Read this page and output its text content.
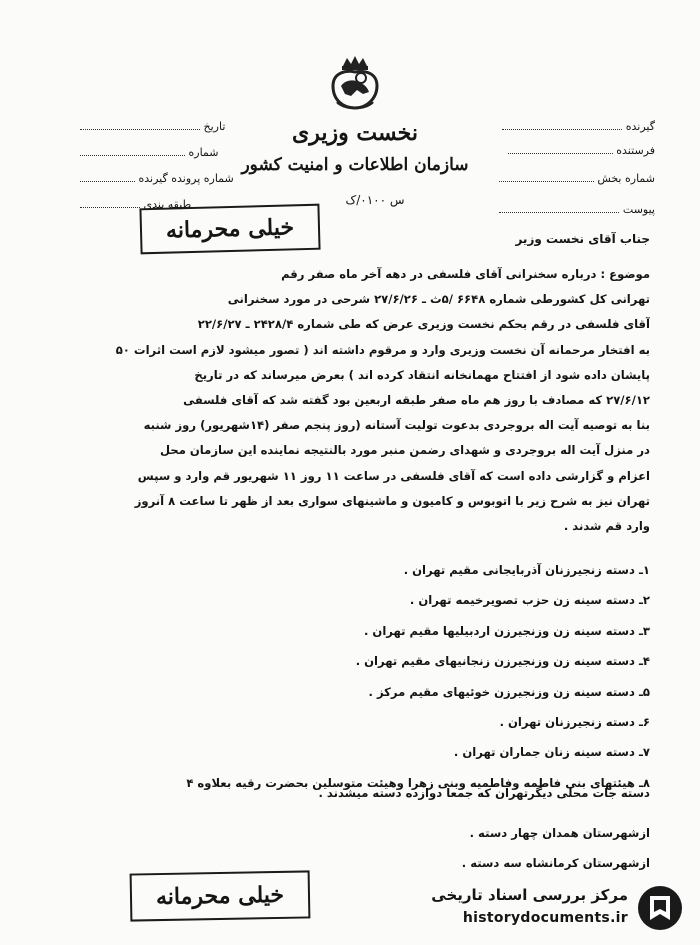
نخست وزیری
سازمان اطلاعات و امنیت کشور
س ۰۱۰۰/ک
گیرنده
فرستنده
شماره بخش
پیوست
تاریخ
شماره
شماره پرونده گیرنده
طبقه بندی
خیلی محرمانه	جناب آقای نخست وزیر
موضوع : درباره سخنرانی آقای فلسفی در دهه آخر ماه صفر رقم
تهرانی کل کشورطی شماره ۶۶۴۸ /۵ث ـ ۲۷/۶/۲۶ شرحی در مورد سخنرانی
آقای فلسفی در رقم بحکم نخست وزیری عرض که طی شماره ۲۴۲۸/۴ ـ ۲۲/۶/۲۷
به افتخار مرحمانه آن نخست وزیری وارد و مرقوم داشته اند ( تصور میشود لازم است اثرات ۵۰
پایشان داده شود از افتتاح مهمانخانه انتقاد کرده اند ) بعرض میرساند که در تاریخ
۲۷/۶/۱۲ که مصادف با روز هم ماه صفر طبقه اربعین بود گفته شد که آقای فلسفی
بنا به توصیه آیت اله بروجردی بدعوت تولیت آستانه (روز پنجم صفر (۱۴شهریور) روز شنبه
در منزل آیت اله بروجردی و شهدای رضمن منبر مورد بالنتیجه نماینده این سازمان محل
اعزام و گزارشی داده است که آقای فلسفی در ساعت ۱۱ روز ۱۱ شهریور قم وارد و سپس
تهران نیز به شرح زیر با اتوبوس و کامیون و ماشینهای سواری بعد از ظهر تا ساعت ۸ آنروز
وارد قم شدند .
۱ـ دسته زنجیرزنان آذربایجانی مقیم تهران .
۲ـ دسته سینه زن حزب تصویرخیمه تهران .
۳ـ دسته سینه زن وزنجیرزن اردبیلیها مقیم تهران .
۴ـ دسته سینه زن وزنجیرزن زنجانیهای مقیم تهران .
۵ـ دسته سینه زن وزنجیرزن خوئیهای مقیم مرکز .
۶ـ دسته زنجیرزنان تهران .
۷ـ دسته سینه زنان جماران تهران .
۸ـ هیئتهای بنی فاطمه وفاطمیه وبنی زهرا وهیئت متوسلین بحضرت رقیه بعلاوه ۴
دسته جات محلی دیگرتهران که جمعا دوازده دسته میشدند .
ازشهرستان همدان چهار دسته .
ازشهرستان کرمانشاه سه دسته .
خیلی محرمانه	مرکز بررسی اسناد تاریخی
historydocuments.ir
